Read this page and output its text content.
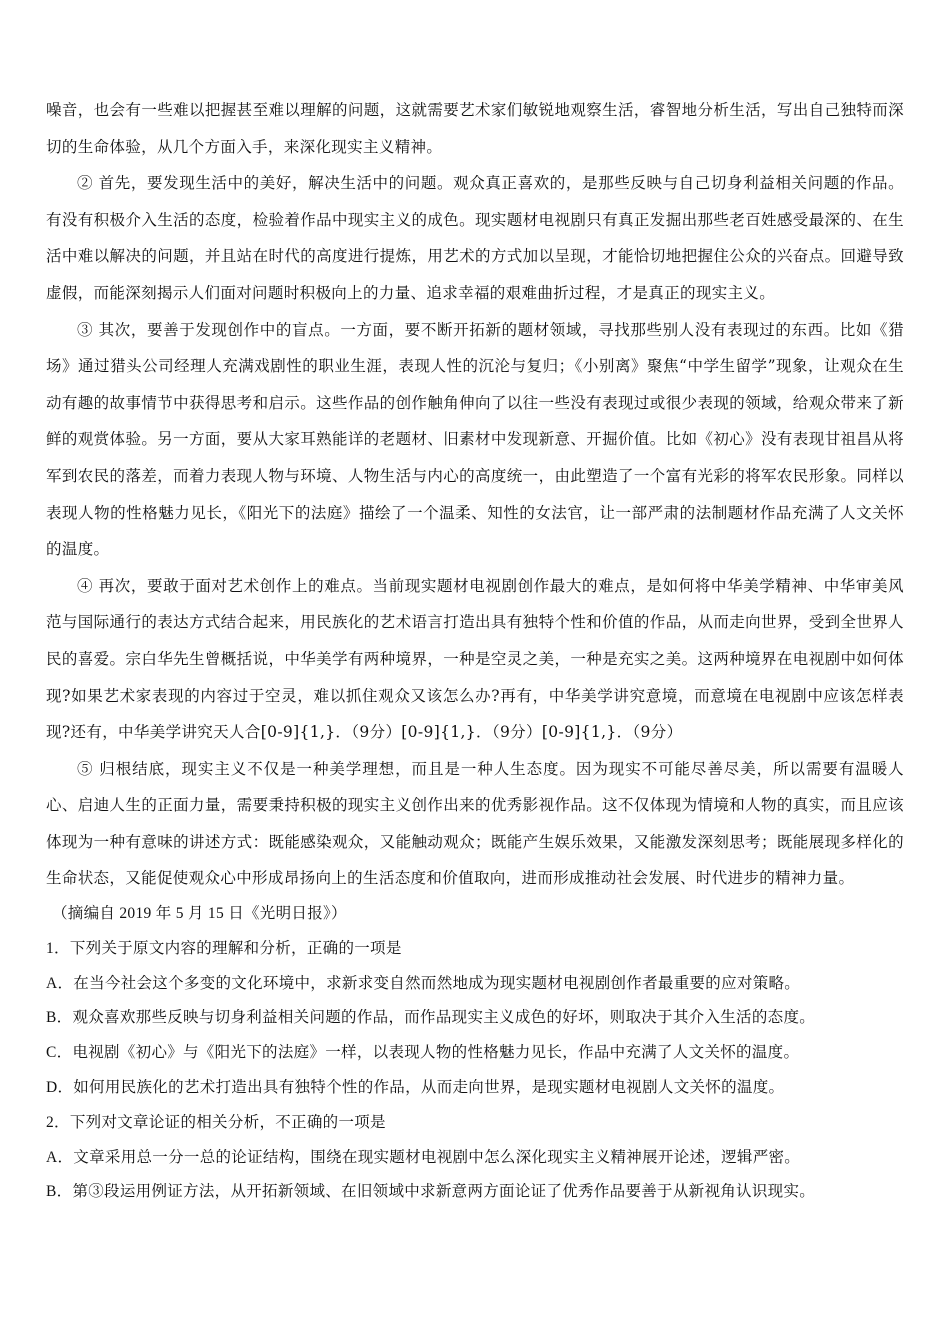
噪音，也会有一些难以把握甚至难以理解的问题，这就需要艺术家们敏锐地观察生活，睿智地分析生活，写出自己独特而深切的生命体验，从几个方面入手，来深化现实主义精神。

② 首先，要发现生活中的美好，解决生活中的问题。观众真正喜欢的，是那些反映与自己切身利益相关问题的作品。有没有积极介入生活的态度，检验着作品中现实主义的成色。现实题材电视剧只有真正发掘出那些老百姓感受最深的、在生活中难以解决的问题，并且站在时代的高度进行提炼，用艺术的方式加以呈现，才能恰切地把握住公众的兴奋点。回避导致虚假，而能深刻揭示人们面对问题时积极向上的力量、追求幸福的艰难曲折过程，才是真正的现实主义。

③ 其次，要善于发现创作中的盲点。一方面，要不断开拓新的题材领域，寻找那些别人没有表现过的东西。比如《猎场》通过猎头公司经理人充满戏剧性的职业生涯，表现人性的沉沦与复归；《小别离》聚焦“中学生留学”现象，让观众在生动有趣的故事情节中获得思考和启示。这些作品的创作触角伸向了以往一些没有表现过或很少表现的领域，给观众带来了新鲜的观赏体验。另一方面，要从大家耳熟能详的老题材、旧素材中发现新意、开掘价值。比如《初心》没有表现甘祖昌从将军到农民的落差，而着力表现人物与环境、人物生活与内心的高度统一，由此塑造了一个富有光彩的将军农民形象。同样以表现人物的性格魅力见长，《阳光下的法庭》描绘了一个温柔、知性的女法官，让一部严肃的法制题材作品充满了人文关怀的温度。

④ 再次，要敢于面对艺术创作上的难点。当前现实题材电视剧创作最大的难点，是如何将中华美学精神、中华审美风范与国际通行的表达方式结合起来，用民族化的艺术语言打造出具有独特个性和价值的作品，从而走向世界，受到全世界人民的喜爱。宗白华先生曾概括说，中华美学有两种境界，一种是空灵之美，一种是充实之美。这两种境界在电视剧中如何体现?如果艺术家表现的内容过于空灵，难以抓住观众又该怎么办?再有，中华美学讲究意境，而意境在电视剧中应该怎样表现?还有，中华美学讲究天人合[0-9]{1,}．（9分）[0-9]{1,}．（9分）[0-9]{1,}．（9分）

⑤ 归根结底，现实主义不仅是一种美学理想，而且是一种人生态度。因为现实不可能尽善尽美，所以需要有温暖人心、启迪人生的正面力量，需要秉持积极的现实主义创作出来的优秀影视作品。这不仅体现为情境和人物的真实，而且应该体现为一种有意味的讲述方式：既能感染观众，又能触动观众；既能产生娱乐效果，又能激发深刻思考；既能展现多样化的生命状态，又能促使观众心中形成昂扬向上的生活态度和价值取向，进而形成推动社会发展、时代进步的精神力量。

（摘编自 2019 年 5 月 15 日《光明日报》）

1．下列关于原文内容的理解和分析，正确的一项是

A．在当今社会这个多变的文化环境中，求新求变自然而然地成为现实题材电视剧创作者最重要的应对策略。

B．观众喜欢那些反映与切身利益相关问题的作品，而作品现实主义成色的好坏，则取决于其介入生活的态度。

C．电视剧《初心》与《阳光下的法庭》一样，以表现人物的性格魅力见长，作品中充满了人文关怀的温度。

D．如何用民族化的艺术打造出具有独特个性的作品，从而走向世界，是现实题材电视剧人文关怀的温度。

2．下列对文章论证的相关分析，不正确的一项是

A．文章采用总一分一总的论证结构，围绕在现实题材电视剧中怎么深化现实主义精神展开论述，逻辑严密。

B．第③段运用例证方法，从开拓新领域、在旧领域中求新意两方面论证了优秀作品要善于从新视角认识现实。
